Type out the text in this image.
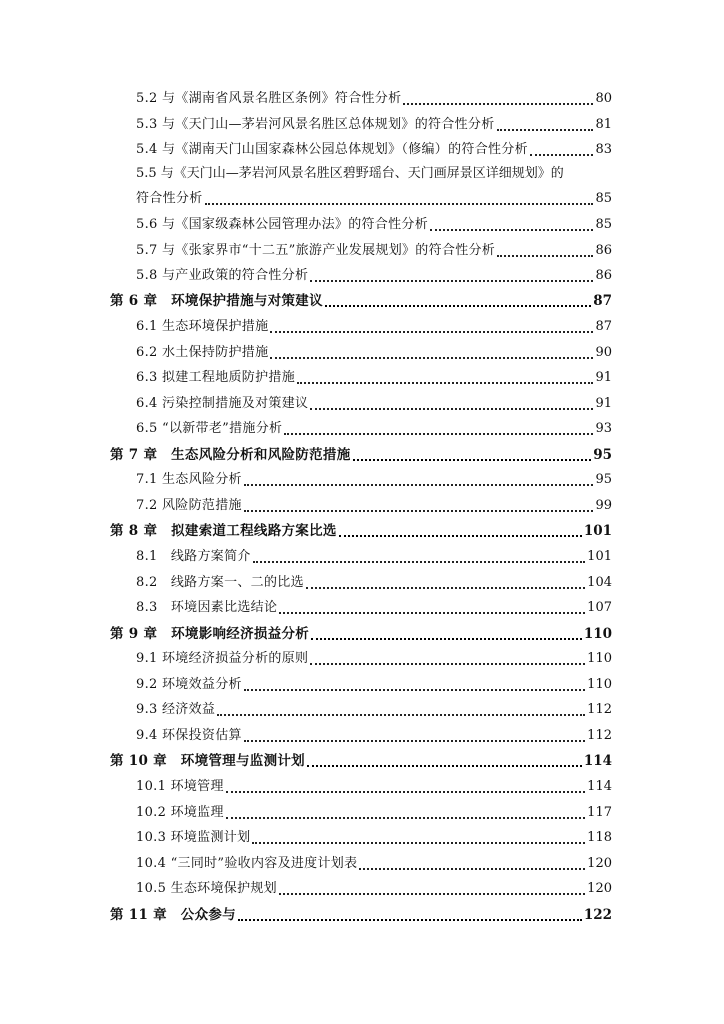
5.2 与《湖南省风景名胜区条例》符合性分析	80
5.3 与《天门山—茅岩河风景名胜区总体规划》的符合性分析	81
5.4 与《湖南天门山国家森林公园总体规划》（修编）的符合性分析	83
5.5 与《天门山—茅岩河风景名胜区碧野瑶台、天门画屏景区详细规划》的
符合性分析	85
5.6 与《国家级森林公园管理办法》的符合性分析	85
5.7 与《张家界市“十二五”旅游产业发展规划》的符合性分析	86
5.8 与产业政策的符合性分析	86
第 6 章　环境保护措施与对策建议	87
6.1 生态环境保护措施	87
6.2 水土保持防护措施	90
6.3 拟建工程地质防护措施	91
6.4 污染控制措施及对策建议	91
6.5 “以新带老”措施分析	93
第 7 章　生态风险分析和风险防范措施	95
7.1 生态风险分析	95
7.2 风险防范措施	99
第 8 章　拟建索道工程线路方案比选	101
8.1　线路方案简介	101
8.2　线路方案一、二的比选	104
8.3　环境因素比选结论	107
第 9 章　环境影响经济损益分析	110
9.1 环境经济损益分析的原则	110
9.2 环境效益分析	110
9.3 经济效益	112
9.4 环保投资估算	112
第 10 章　环境管理与监测计划	114
10.1 环境管理	114
10.2 环境监理	117
10.3 环境监测计划	118
10.4 “三同时”验收内容及进度计划表	120
10.5 生态环境保护规划	120
第 11 章　公众参与	122
